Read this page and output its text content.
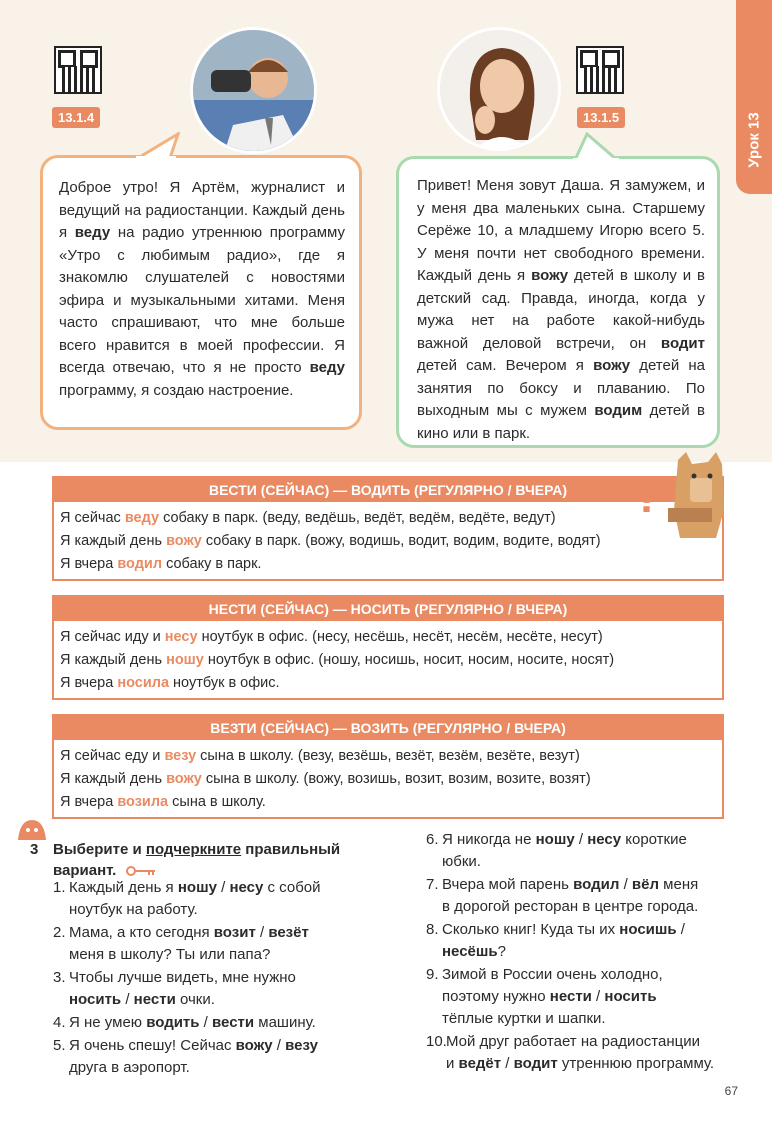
Урок 13
13.1.4	13.1.5

Доброе утро! Я Артём, журналист и ведущий на радиостанции. Каждый день я веду на радио утреннюю программу «Утро с любимым радио», где я знакомлю слушателей с новостями эфира и музыкальными хитами. Меня часто спрашивают, что мне больше всего нравится в моей профессии. Я всегда отвечаю, что я не просто веду программу, я создаю настроение.

Привет! Меня зовут Даша. Я замужем, и у меня два маленьких сына. Старшему Серёже 10, а младшему Игорю всего 5. У меня почти нет свободного времени. Каждый день я вожу детей в школу и в детский сад. Правда, иногда, когда у мужа нет на работе какой-нибудь важной деловой встречи, он водит детей сам. Вечером я вожу детей на занятия по боксу и плаванию. По выходным мы с мужем водим детей в кино или в парк.

ВЕСТИ (СЕЙЧАС) — ВОДИТЬ (РЕГУЛЯРНО / ВЧЕРА)
Я сейчас веду собаку в парк. (веду, ведёшь, ведёт, ведём, ведёте, ведут)
Я каждый день вожу собаку в парк. (вожу, водишь, водит, водим, водите, водят)
Я вчера водил собаку в парк.
НЕСТИ (СЕЙЧАС) — НОСИТЬ (РЕГУЛЯРНО / ВЧЕРА)
Я сейчас иду и несу ноутбук в офис. (несу, несёшь, несёт, несём, несёте, несут)
Я каждый день ношу ноутбук в офис. (ношу, носишь, носит, носим, носите, носят)
Я вчера носила ноутбук в офис.
ВЕЗТИ (СЕЙЧАС) — ВОЗИТЬ (РЕГУЛЯРНО / ВЧЕРА)
Я сейчас еду и везу сына в школу. (везу, везёшь, везёт, везём, везёте, везут)
Я каждый день вожу сына в школу. (вожу, возишь, возит, возим, возите, возят)
Я вчера возила сына в школу.
?
3 Выберите и подчеркните правильный
вариант.
1. Каждый день я ношу / несу с собой
ноутбук на работу.
2. Мама, а кто сегодня возит / везёт
меня в школу? Ты или папа?
3. Чтобы лучше видеть, мне нужно
носить / нести очки.
4. Я не умею водить / вести машину.
5. Я очень спешу! Сейчас вожу / везу
друга в аэропорт.
6. Я никогда не ношу / несу короткие
юбки.
7. Вчера мой парень водил / вёл меня
в дорогой ресторан в центре города.
8. Сколько книг! Куда ты их носишь /
несёшь?
9. Зимой в России очень холодно,
поэтому нужно нести / носить
тёплые куртки и шапки.
10. Мой друг работает на радиостанции
и ведёт / водит утреннюю программу.
67
